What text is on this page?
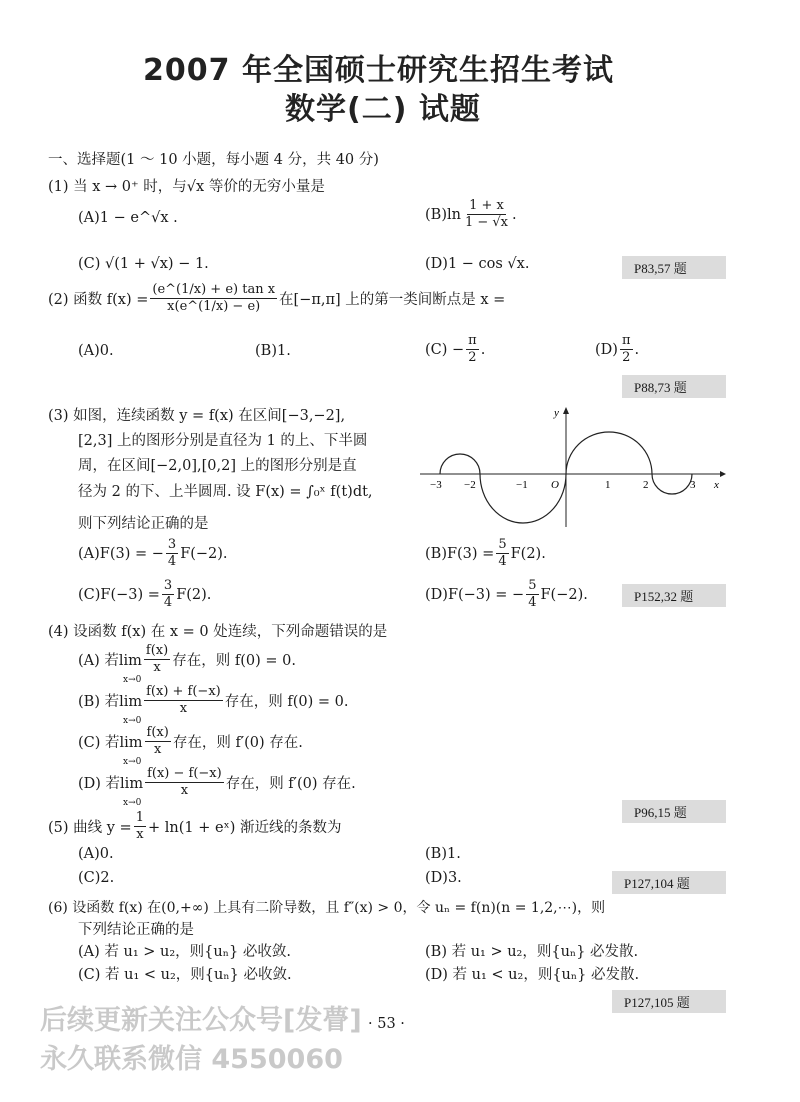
2007 年全国硕士研究生招生考试
数学(二) 试题
一、选择题(1 ～ 10 小题，每小题 4 分，共 40 分)
(1) 当 x → 0⁺ 时，与√x 等价的无穷小量是
(A)1 − e^√x .	$(B)\ln \frac{1 + x}{1 - √x}$ .
(C) √(1 + √x) − 1.	(D)1 − cos √x.	P83,57 题
(2) 函数 $f(x) = \frac{\text{(e\textasciicircum{}(1/x) + e) tan x}}{x(e\^{}(1/x) - e)}$ 在[−π,π] 上的第一类间断点是 x =
(A)0.	(B)1.	$(C) - \frac{\pi}{2}$ .	$(D) \frac{\pi}{2}$ .
P88,73 题
(3) 如图，连续函数 y = f(x) 在区间[−3,−2],
[2,3] 上的图形分别是直径为 1 的上、下半圆
周，在区间[−2,0],[0,2] 上的图形分别是直
径为 2 的下、上半圆周. 设 F(x) = ∫₀ˣ f(t)dt,
则下列结论正确的是
y
x
−3 −2	−1 O	1	2	3
(A)F(3) = − $\frac{3}{4} F(-2)$.	$(B)F(3) = \frac{5}{4} F(2)$.
$(C)F(-3) = \frac{3}{4} F(2)$.	(D)F(−3) = − $\frac{5}{4} F(-2)$.	P152,32 题
(4) 设函数 f(x) 在 x = 0 处连续，下列命题错误的是
(A) 若$\lim \frac{f(x)}{x}$ 存在，则 f(0) = 0.
x→0
(B) 若$\lim \frac{f(x) + f(-x)}{x}$ 存在，则 f(0) = 0.
x→0
(C) 若$\lim \frac{f(x)}{x}$ 存在，则 f′(0) 存在.
x→0
(D) 若$\lim \frac{f(x) - f(-x)}{x}$ 存在，则 f′(0) 存在.
x→0
P96,15 题
(5) 曲线 $y = \frac{1}{x} + \ln(1$ + eˣ) 渐近线的条数为
(A)0.	(B)1.
(C)2.	(D)3.	P127,104 题
(6) 设函数 f(x) 在(0,+∞) 上具有二阶导数，且 f″(x) > 0，令 uₙ = f(n)(n = 1,2,⋯)，则
下列结论正确的是
(A) 若 u₁ > u₂，则{uₙ} 必收敛.	(B) 若 u₁ > u₂，则{uₙ} 必发散.
(C) 若 u₁ < u₂，则{uₙ} 必收敛.	(D) 若 u₁ < u₂，则{uₙ} 必发散.
P127,105 题
· 53 ·
后续更新关注公众号[发瞢]
永久联系微信 4550060
